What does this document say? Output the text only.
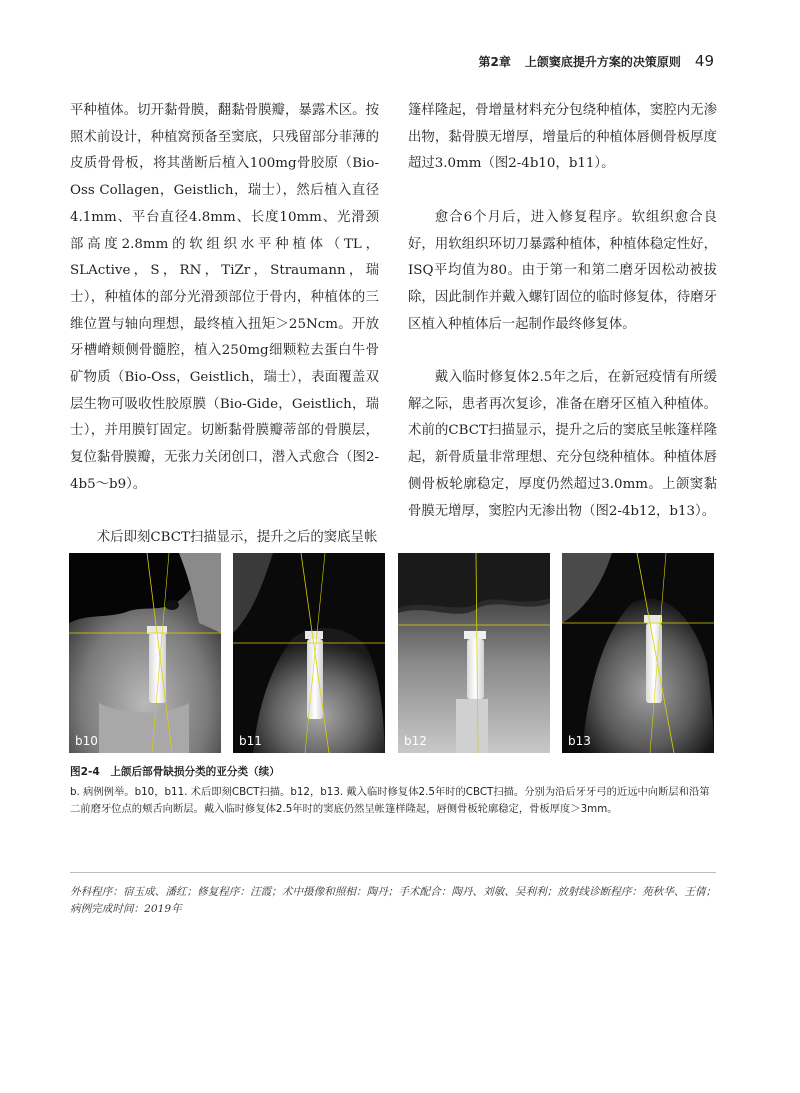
第2章 上颌窦底提升方案的决策原则 49

平种植体。切开黏骨膜，翻黏骨膜瓣，暴露术区。按照术前设计，种植窝预备至窦底，只残留部分菲薄的皮质骨骨板，将其凿断后植入100mg骨胶原（Bio-Oss Collagen，Geistlich，瑞士），然后植入直径4.1mm、平台直径4.8mm、长度10mm、光滑颈部高度2.8mm的软组织水平种植体（TL，SLActive，S，RN，TiZr，Straumann，瑞士），种植体的部分光滑颈部位于骨内，种植体的三维位置与轴向理想，最终植入扭矩＞25Ncm。开放牙槽嵴颊侧骨髓腔，植入250mg细颗粒去蛋白牛骨矿物质（Bio-Oss，Geistlich，瑞士），表面覆盖双层生物可吸收性胶原膜（Bio-Gide，Geistlich，瑞士），并用膜钉固定。切断黏骨膜瓣蒂部的骨膜层，复位黏骨膜瓣，无张力关闭创口，潜入式愈合（图2-4b5～b9）。

术后即刻CBCT扫描显示，提升之后的窦底呈帐

篷样隆起，骨增量材料充分包绕种植体，窦腔内无渗出物，黏骨膜无增厚，增量后的种植体唇侧骨板厚度超过3.0mm（图2-4b10，b11）。

愈合6个月后，进入修复程序。软组织愈合良好，用软组织环切刀暴露种植体，种植体稳定性好，ISQ平均值为80。由于第一和第二磨牙因松动被拔除，因此制作并戴入螺钉固位的临时修复体，待磨牙区植入种植体后一起制作最终修复体。

戴入临时修复体2.5年之后，在新冠疫情有所缓解之际，患者再次复诊，准备在磨牙区植入种植体。术前的CBCT扫描显示，提升之后的窦底呈帐篷样隆起，新骨质量非常理想、充分包绕种植体。种植体唇侧骨板轮廓稳定，厚度仍然超过3.0mm。上颌窦黏骨膜无增厚，窦腔内无渗出物（图2-4b12，b13）。

b10	b11	b12	b13
图2-4　上颌后部骨缺损分类的亚分类（续）
b. 病例例举。b10，b11. 术后即刻CBCT扫描。b12，b13. 戴入临时修复体2.5年时的CBCT扫描。分别为沿后牙牙弓的近远中向断层和沿第二前磨牙位点的颊舌向断层。戴入临时修复体2.5年时的窦底仍然呈帐篷样隆起，唇侧骨板轮廓稳定，骨板厚度＞3mm。
外科程序：宿玉成、潘红；修复程序：汪霞；术中摄像和照相：陶丹；手术配合：陶丹、刘敏、吴利利；放射线诊断程序：苑秋华、王倩；病例完成时间：2019年
